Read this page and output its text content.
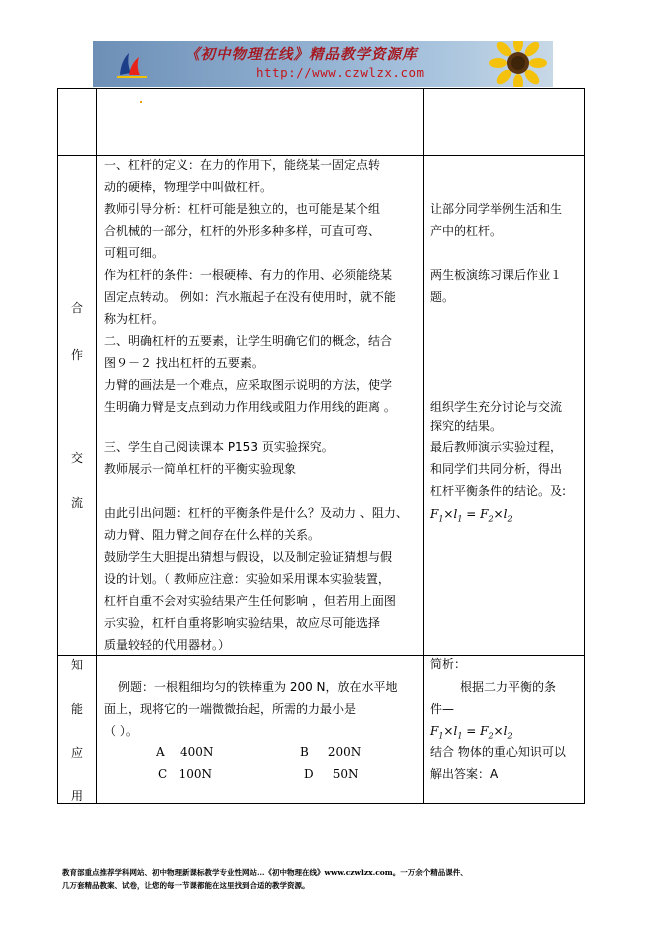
《初中物理在线》精品教学资源库
http://www.czwlzx.com
合
作
交
流
一、杠杆的定义：在力的作用下，能绕某一固定点转
动的硬棒，物理学中叫做杠杆。
教师引导分析：杠杆可能是独立的，也可能是某个组
合机械的一部分，杠杆的外形多种多样，可直可弯、
可粗可细。
作为杠杆的条件：一根硬棒、有力的作用、必须能绕某
固定点转动。 例如：汽水瓶起子在没有使用时，就不能
称为杠杆。
二、明确杠杆的五要素，让学生明确它们的概念，结合
图９－２ 找出杠杆的五要素。
力臂的画法是一个难点，应采取图示说明的方法，使学
生明确力臂是支点到动力作用线或阻力作用线的距离 。
三、学生自己阅读课本 P153 页实验探究。
教师展示一简单杠杆的平衡实验现象
由此引出问题：杠杆的平衡条件是什么？及动力 、阻力、
动力臂、阻力臂之间存在什么样的关系。
鼓励学生大胆提出猜想与假设，以及制定验证猜想与假
设的计划。（ 教师应注意：实验如采用课本实验装置，
杠杆自重不会对实验结果产生任何影响 ，但若用上面图
示实验，杠杆自重将影响实验结果，故应尽可能选择
质量较轻的代用器材。）
让部分同学举例生活和生
产中的杠杆。
两生板演练习课后作业１
题。
组织学生充分讨论与交流
探究的结果。
最后教师演示实验过程，
和同学们共同分析，得出
杠杆平衡条件的结论。及:
$F_1\times l_1 = F_2\times l_2$
知
能
应
用
例题：一根粗细均匀的铁棒重为 200 N，放在水平地
面上，现将它的一端微微抬起，所需的力最小是
（ ）。
A 400N	B 200N
C 100N	D 50N
简析：
根据二力平衡的条
件—
$F_1\times l_1 = F_2\times l_2$
结合 物体的重心知识可以
解出答案：A
教育部重点推荐学科网站、初中物理新课标教学专业性网站…《初中物理在线》www.czwlzx.com。一万余个精品课件、
几万套精品教案、试卷，让您的每一节课都能在这里找到合适的教学资源。
